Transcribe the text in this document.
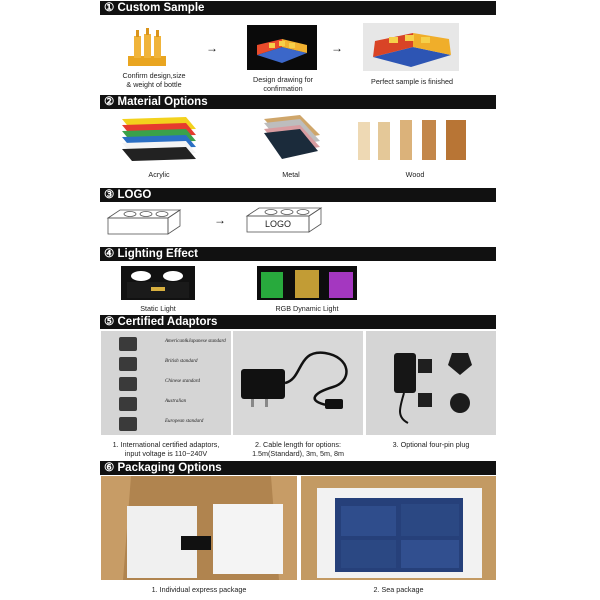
① Custom Sample
Confirm design,size
& weight of bottle
→
Design drawing for
confirmation
→
Perfect sample is finished
② Material Options
Acrylic	Metal	Wood
③ LOGO
→	LOGO
④ Lighting Effect
Static Light	RGB Dynamic Light
⑤ Certified Adaptors
American&Japanese standard
British standard
Chinese standard
Australian
European standard
1. International certified adaptors,
input voltage is 110~240V
2. Cable length for options:
1.5m(Standard), 3m, 5m, 8m
3. Optional four-pin plug
⑥ Packaging Options
1. Individual express package	2. Sea package
